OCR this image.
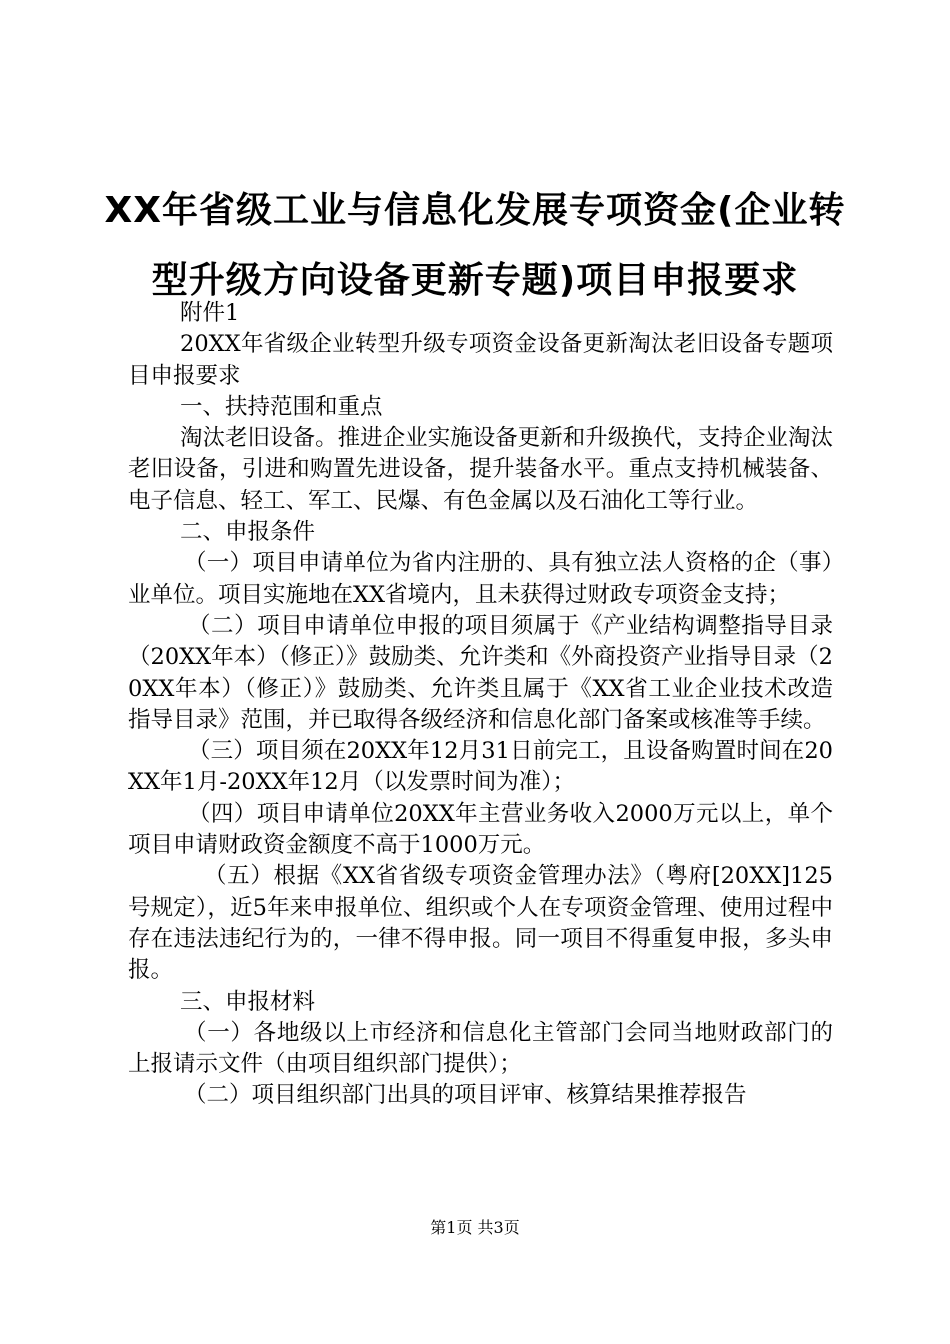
XX年省级工业与信息化发展专项资金(企业转
型升级方向设备更新专题)项目申报要求

附件1

20XX年省级企业转型升级专项资金设备更新淘汰老旧设备专题项目申报要求

一、扶持范围和重点

淘汰老旧设备。推进企业实施设备更新和升级换代，支持企业淘汰老旧设备，引进和购置先进设备，提升装备水平。重点支持机械装备、电子信息、轻工、军工、民爆、有色金属以及石油化工等行业。

二、申报条件

（一）项目申请单位为省内注册的、具有独立法人资格的企（事）业单位。项目实施地在XX省境内，且未获得过财政专项资金支持；

（二）项目申请单位申报的项目须属于《产业结构调整指导目录（20XX年本）（修正）》鼓励类、允许类和《外商投资产业指导目录（20XX年本）（修正）》鼓励类、允许类且属于《XX省工业企业技术改造指导目录》范围，并已取得各级经济和信息化部门备案或核准等手续。

（三）项目须在20XX年12月31日前完工，且设备购置时间在20XX年1月-20XX年12月（以发票时间为准）；

（四）项目申请单位20XX年主营业务收入2000万元以上，单个项目申请财政资金额度不高于1000万元。

（五）根据《XX省省级专项资金管理办法》（粤府[20XX]125号规定），近5年来申报单位、组织或个人在专项资金管理、使用过程中存在违法违纪行为的，一律不得申报。同一项目不得重复申报，多头申报。

三、申报材料

（一）各地级以上市经济和信息化主管部门会同当地财政部门的上报请示文件（由项目组织部门提供）；

（二）项目组织部门出具的项目评审、核算结果推荐报告

第1页 共3页
